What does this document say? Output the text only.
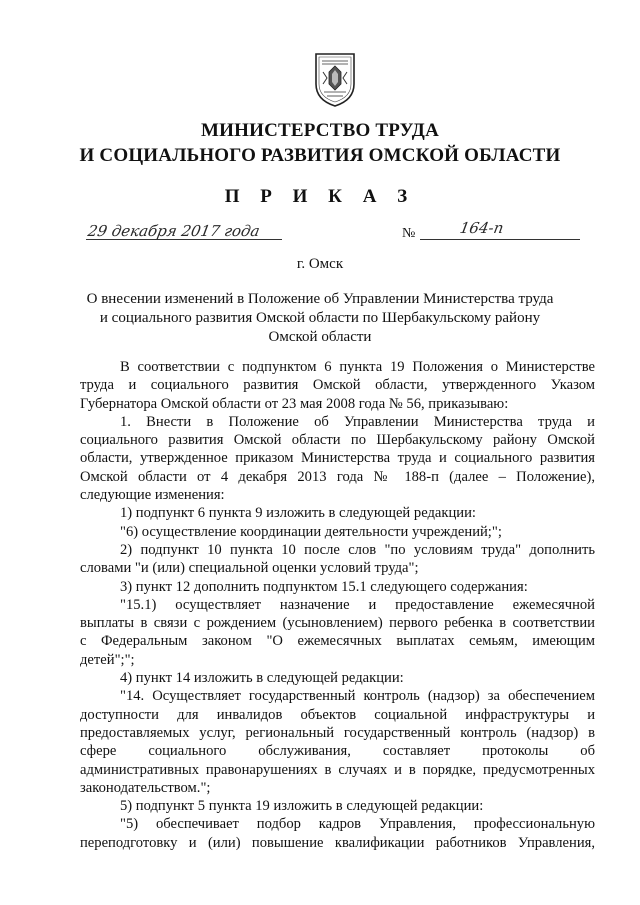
МИНИСТЕРСТВО ТРУДА
И СОЦИАЛЬНОГО РАЗВИТИЯ ОМСКОЙ ОБЛАСТИ
П Р И К А З
29 декабря 2017 года	№	164-п
г. Омск
О внесении изменений в Положение об Управлении Министерства труда
и социального развития Омской области по Шербакульскому району
Омской области
В соответствии с подпунктом 6 пункта 19 Положения о Министерстве
труда и социального развития Омской области, утвержденного Указом
Губернатора Омской области от 23 мая 2008 года № 56, приказываю:
1. Внести в Положение об Управлении Министерства труда и
социального развития Омской области по Шербакульскому району Омской
области, утвержденное приказом Министерства труда и социального развития
Омской области от 4 декабря 2013 года № 188-п (далее – Положение),
следующие изменения:
1) подпункт 6 пункта 9 изложить в следующей редакции:
"6) осуществление координации деятельности учреждений;";
2) подпункт 10 пункта 10 после слов "по условиям труда" дополнить
словами "и (или) специальной оценки условий труда";
3) пункт 12 дополнить подпунктом 15.1 следующего содержания:
"15.1) осуществляет назначение и предоставление ежемесячной
выплаты в связи с рождением (усыновлением) первого ребенка в соответствии
с Федеральным законом "О ежемесячных выплатах семьям, имеющим
детей";";
4) пункт 14 изложить в следующей редакции:
"14. Осуществляет государственный контроль (надзор) за обеспечением
доступности для инвалидов объектов социальной инфраструктуры и
предоставляемых услуг, региональный государственный контроль (надзор) в
сфере социального обслуживания, составляет протоколы об
административных правонарушениях в случаях и в порядке, предусмотренных
законодательством.";
5) подпункт 5 пункта 19 изложить в следующей редакции:
"5) обеспечивает подбор кадров Управления, профессиональную
переподготовку и (или) повышение квалификации работников Управления,
